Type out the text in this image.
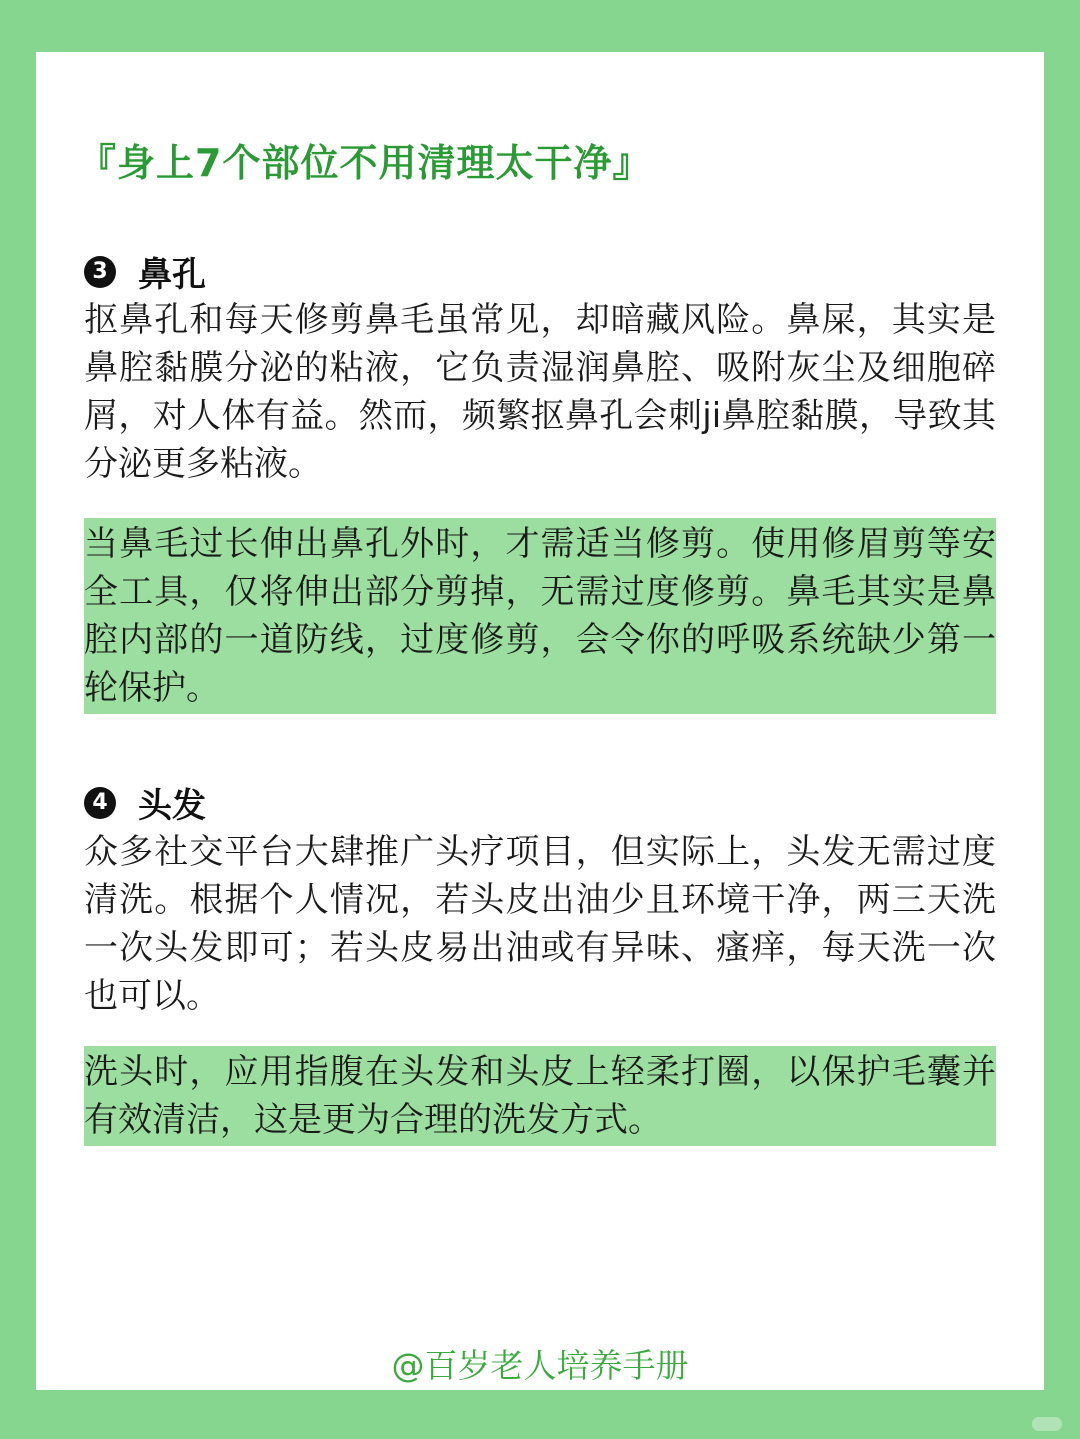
『身上7个部位不用清理太干净』
3 鼻孔

抠鼻孔和每天修剪鼻毛虽常见，却暗藏风险。鼻屎，其实是鼻腔黏膜分泌的粘液，它负责湿润鼻腔、吸附灰尘及细胞碎屑，对人体有益。然而，频繁抠鼻孔会刺ji鼻腔黏膜，导致其分泌更多粘液。

当鼻毛过长伸出鼻孔外时，才需适当修剪。使用修眉剪等安全工具，仅将伸出部分剪掉，无需过度修剪。鼻毛其实是鼻腔内部的一道防线，过度修剪，会令你的呼吸系统缺少第一轮保护。

4 头发

众多社交平台大肆推广头疗项目，但实际上，头发无需过度清洗。根据个人情况，若头皮出油少且环境干净，两三天洗一次头发即可；若头皮易出油或有异味、瘙痒，每天洗一次也可以。

洗头时，应用指腹在头发和头皮上轻柔打圈，以保护毛囊并有效清洁，这是更为合理的洗发方式。

@百岁老人培养手册
